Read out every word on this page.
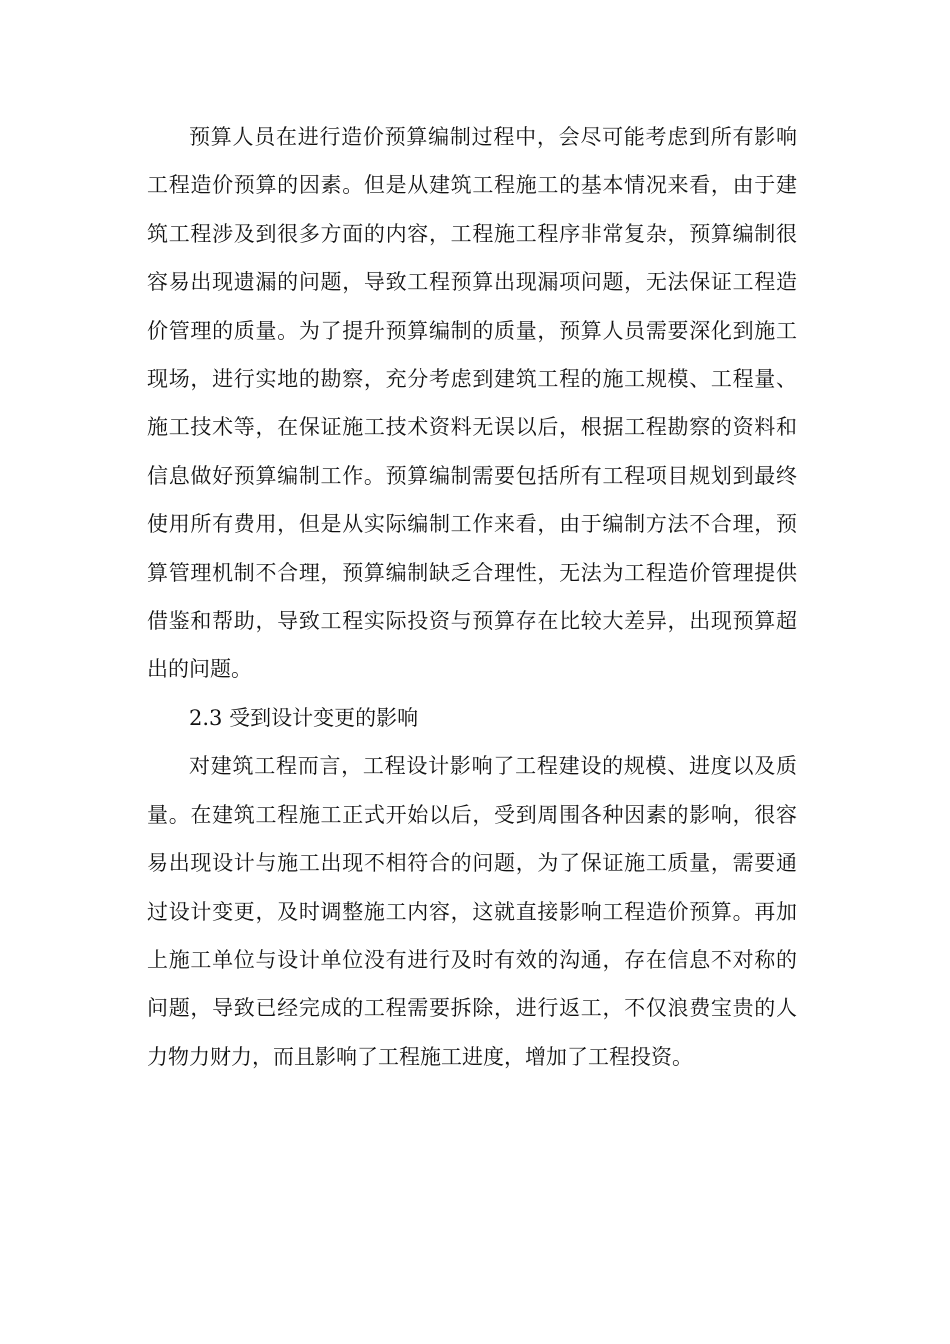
预算人员在进行造价预算编制过程中，会尽可能考虑到所有影响工程造价预算的因素。但是从建筑工程施工的基本情况来看，由于建筑工程涉及到很多方面的内容，工程施工程序非常复杂，预算编制很容易出现遗漏的问题，导致工程预算出现漏项问题，无法保证工程造价管理的质量。为了提升预算编制的质量，预算人员需要深化到施工现场，进行实地的勘察，充分考虑到建筑工程的施工规模、工程量、施工技术等，在保证施工技术资料无误以后，根据工程勘察的资料和信息做好预算编制工作。预算编制需要包括所有工程项目规划到最终使用所有费用，但是从实际编制工作来看，由于编制方法不合理，预算管理机制不合理，预算编制缺乏合理性，无法为工程造价管理提供借鉴和帮助，导致工程实际投资与预算存在比较大差异，出现预算超出的问题。

2.3 受到设计变更的影响

对建筑工程而言，工程设计影响了工程建设的规模、进度以及质量。在建筑工程施工正式开始以后，受到周围各种因素的影响，很容易出现设计与施工出现不相符合的问题，为了保证施工质量，需要通过设计变更，及时调整施工内容，这就直接影响工程造价预算。再加上施工单位与设计单位没有进行及时有效的沟通，存在信息不对称的问题，导致已经完成的工程需要拆除，进行返工，不仅浪费宝贵的人力物力财力，而且影响了工程施工进度，增加了工程投资。
